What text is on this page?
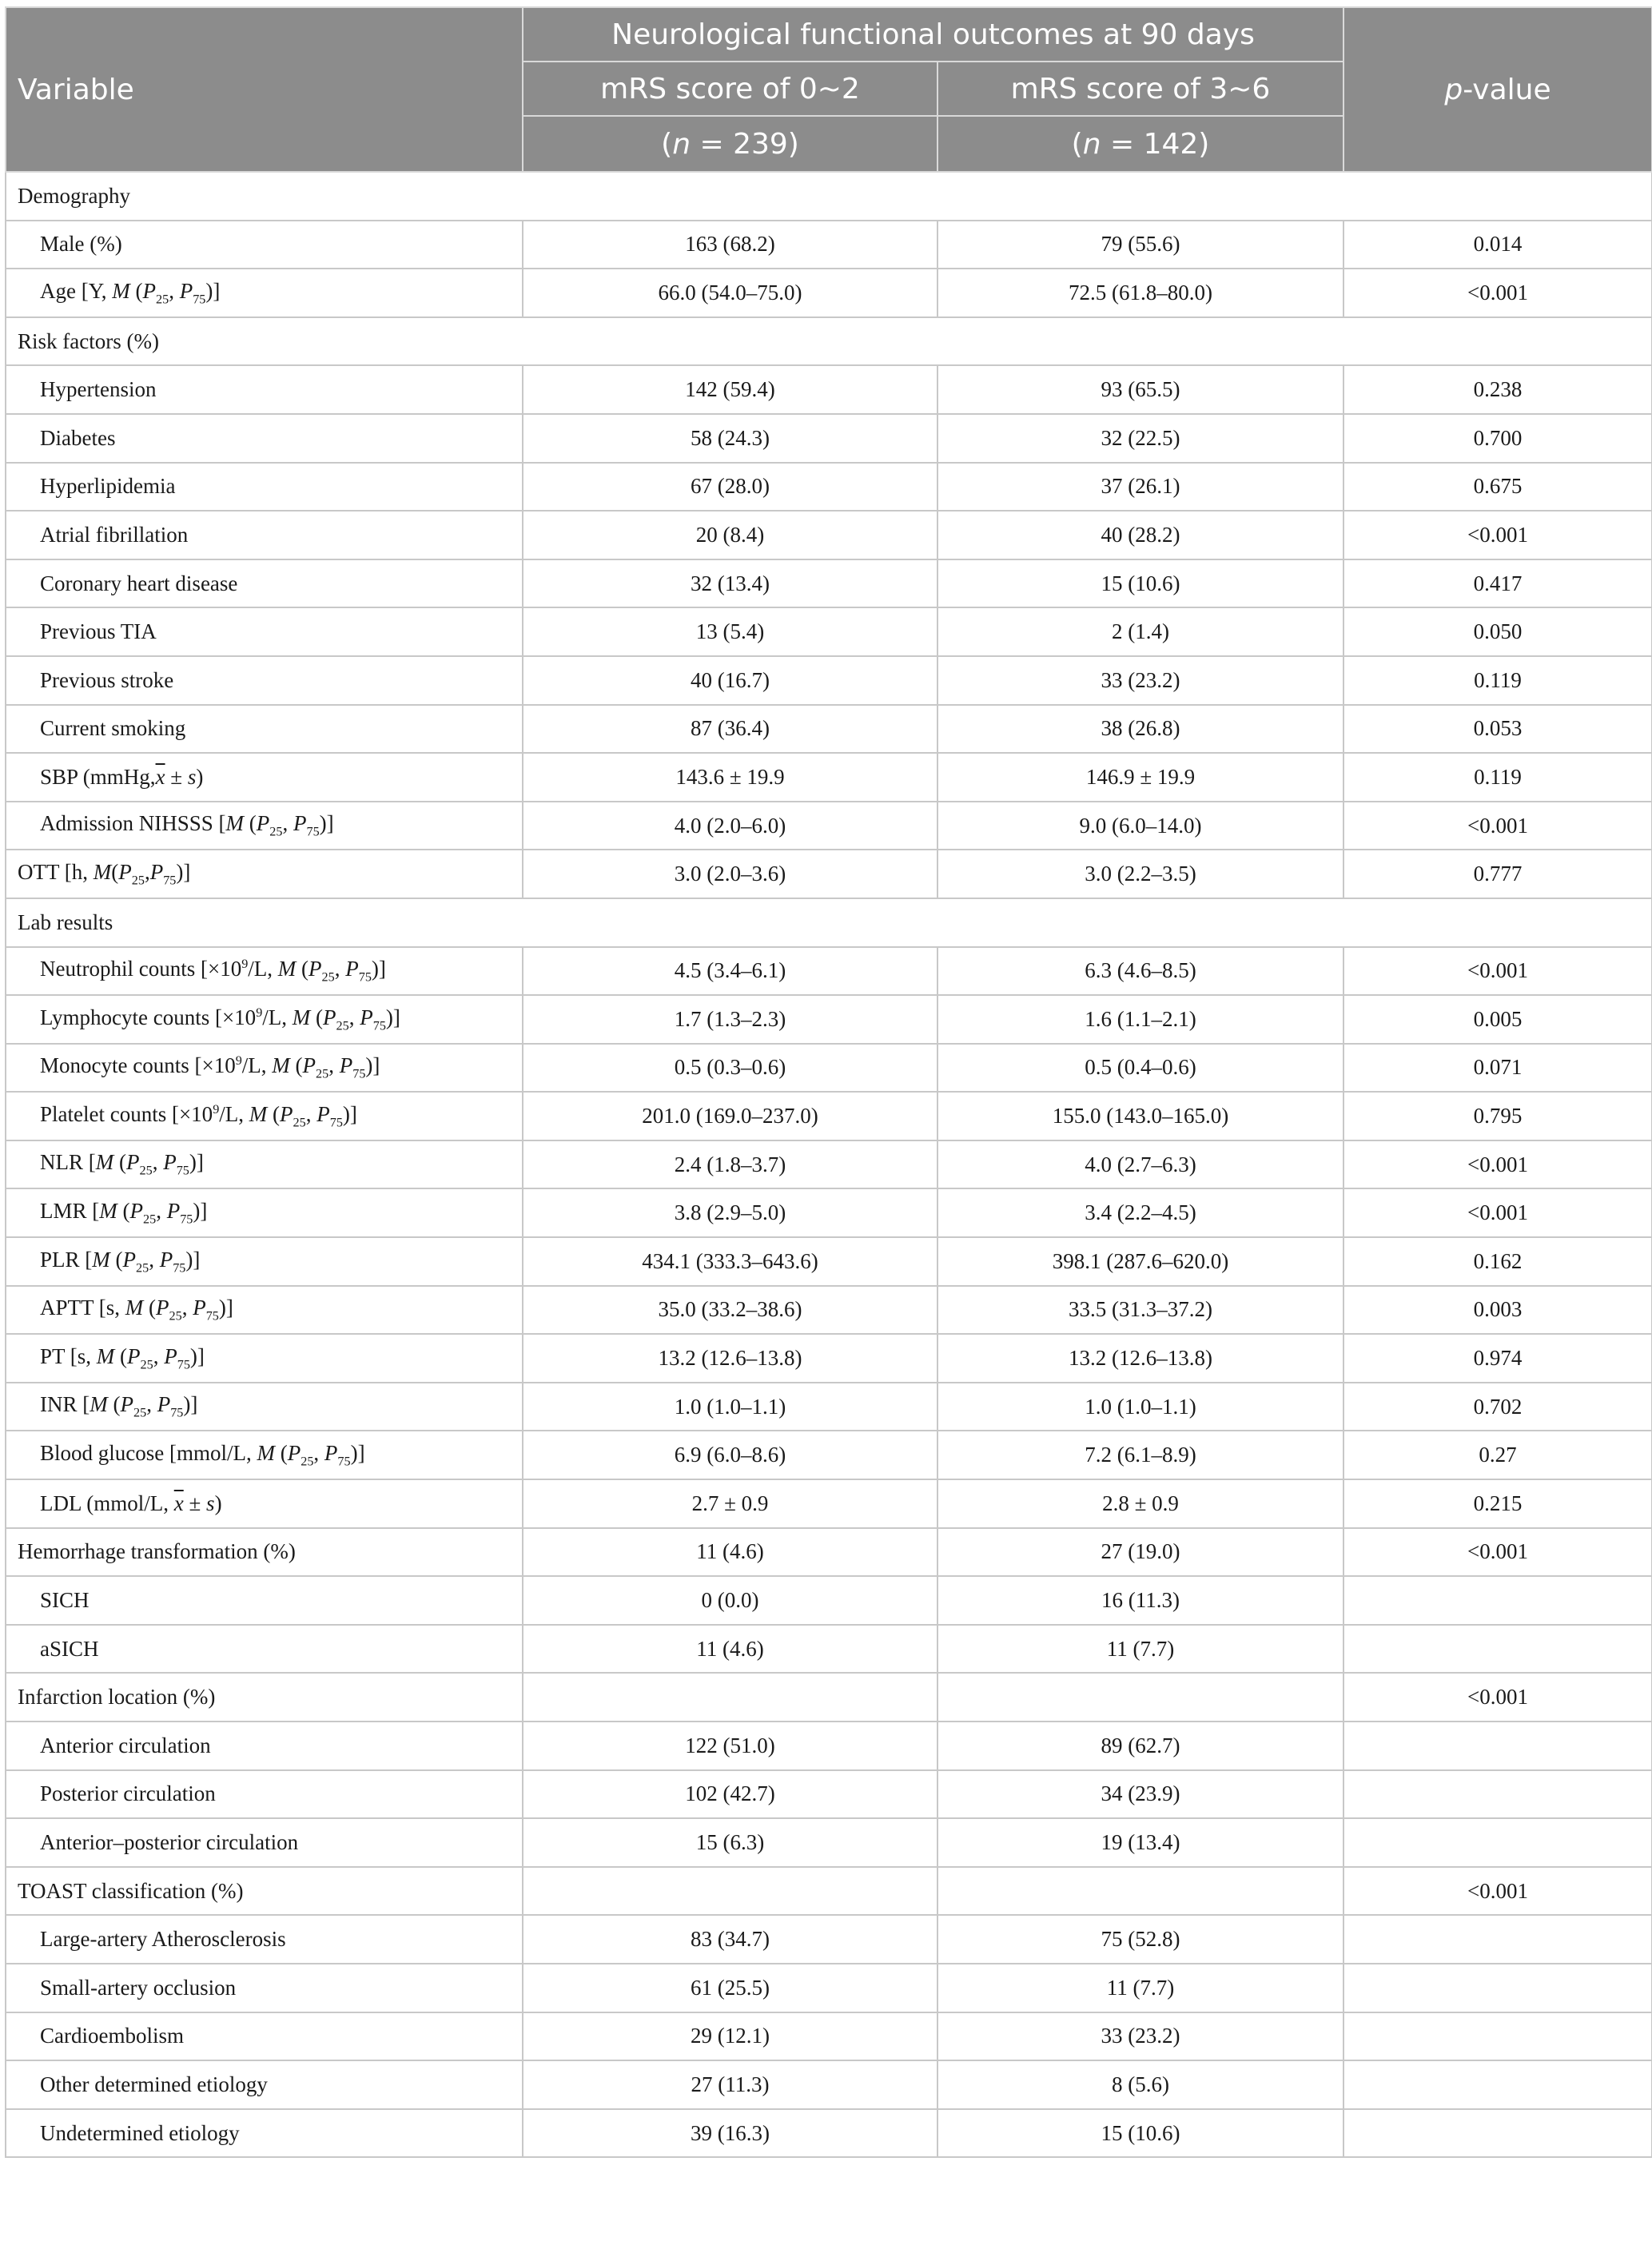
Variable	Neurological functional outcomes at 90 days		p-value
	mRS score of 0~2	mRS score of 3~6	
	(n = 239)	(n = 142)	
Demography			
Male (%)	163 (68.2)	79 (55.6)	0.014
Age [Y, M ($P_{25}$, $P_{75}$)]	66.0 (54.0–75.0)	72.5 (61.8–80.0)	<0.001
Risk factors (%)			
Hypertension	142 (59.4)	93 (65.5)	0.238
Diabetes	58 (24.3)	32 (22.5)	0.700
Hyperlipidemia	67 (28.0)	37 (26.1)	0.675
Atrial fibrillation	20 (8.4)	40 (28.2)	<0.001
Coronary heart disease	32 (13.4)	15 (10.6)	0.417
Previous TIA	13 (5.4)	2 (1.4)	0.050
Previous stroke	40 (16.7)	33 (23.2)	0.119
Current smoking	87 (36.4)	38 (26.8)	0.053
SBP $(mmHg,\overline{x} \pm s)$	143.6 ± 19.9	146.9 ± 19.9	0.119
Admission NIHSSS [M ($P_{25}$, $P_{75}$)]	4.0 (2.0–6.0)	9.0 (6.0–14.0)	<0.001
OTT [h, $M(P_{25},P_{75})$]	3.0 (2.0–3.6)	3.0 (2.2–3.5)	0.777
Lab results			
Neutrophil counts [$\times 10^9/L$, M ($P_{25}$, $P_{75}$)]	4.5 (3.4–6.1)	6.3 (4.6–8.5)	<0.001
Lymphocyte counts [$\times 10^9/L$, M ($P_{25}$, $P_{75}$)]	1.7 (1.3–2.3)	1.6 (1.1–2.1)	0.005
Monocyte counts [$\times 10^9/L$, M ($P_{25}$, $P_{75}$)]	0.5 (0.3–0.6)	0.5 (0.4–0.6)	0.071
Platelet counts [$\times 10^9/L$, M ($P_{25}$, $P_{75}$)]	201.0 (169.0–237.0)	155.0 (143.0–165.0)	0.795
NLR [M ($P_{25}$, $P_{75}$)]	2.4 (1.8–3.7)	4.0 (2.7–6.3)	<0.001
LMR [M ($P_{25}$, $P_{75}$)]	3.8 (2.9–5.0)	3.4 (2.2–4.5)	<0.001
PLR [M ($P_{25}$, $P_{75}$)]	434.1 (333.3–643.6)	398.1 (287.6–620.0)	0.162
APTT [s, M ($P_{25}$, $P_{75}$)]	35.0 (33.2–38.6)	33.5 (31.3–37.2)	0.003
PT [s, M ($P_{25}$, $P_{75}$)]	13.2 (12.6–13.8)	13.2 (12.6–13.8)	0.974
INR [M ($P_{25}$, $P_{75}$)]	1.0 (1.0–1.1)	1.0 (1.0–1.1)	0.702
Blood glucose [mmol/L, M ($P_{25}$, $P_{75}$)]	6.9 (6.0–8.6)	7.2 (6.1–8.9)	0.27
LDL (mmol/L, $\overline{x} \pm s$)	2.7 ± 0.9	2.8 ± 0.9	0.215
Hemorrhage transformation (%)	11 (4.6)	27 (19.0)	<0.001
SICH	0 (0.0)	16 (11.3)	
aSICH	11 (4.6)	11 (7.7)	
Infarction location (%)			<0.001
Anterior circulation	122 (51.0)	89 (62.7)	
Posterior circulation	102 (42.7)	34 (23.9)	
Anterior–posterior circulation	15 (6.3)	19 (13.4)	
TOAST classification (%)			<0.001
Large-artery Atherosclerosis	83 (34.7)	75 (52.8)	
Small-artery occlusion	61 (25.5)	11 (7.7)	
Cardioembolism	29 (12.1)	33 (23.2)	
Other determined etiology	27 (11.3)	8 (5.6)	
Undetermined etiology	39 (16.3)	15 (10.6)	
